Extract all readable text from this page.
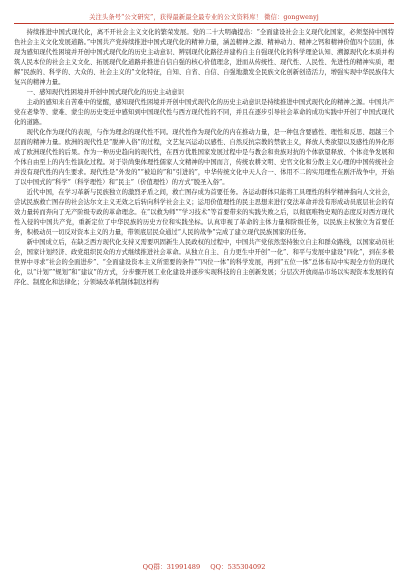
关注头条号“公文研究”，获得最新最全最专业的公文资料库！ 微信：gongwenyj

持续推进中国式现代化，离不开社会主义文化的繁荣发展。党的二十大明确提出：“全面建设社会主义现代化国家，必须坚持中国特色社会主义文化发展道路。”中国共产党持续推进中国式现代化的精神力量，涵盖精神之源、精神动力、精神之钙和精神价值四个层面，体现为感知现代性困境并开创中国式现代化的历史主动意识、辨别现代化路径并建构自主自强现代化的科学理论认知、溯源现代化本质并构筑人民本位的社会主义文化、拓展现代化道路并推进自信自强的核心价值理念，进而从传统性、现代性、人民性、先进性的精神实质，理解“民族的、科学的、大众的、社会主义的”文化特征，自知、自省、自信、自强地激发全民族文化创新创造活力，增强实现中华民族伟大复兴的精神力量。

一、感知现代性困境并开创中国式现代化的历史主动意识

主动的感知来自苦难中的觉醒，感知现代性困境并开创中国式现代化的历史主动意识是持续推进中国式现代化的精神之源。中国共产党在老挚等、蒙难、蒙尘的历史变迁中感知到中国现代性与西方现代性的不同，并且在逐步引导社会革命的成功实践中开创了中国式现代化的道路。

现代化作为现代的表现，与作为理念的现代性不同。现代性作为现代化的内在推动力量，是一种包含要感性、理性和反思、超越三个层面的精神力量。欧洲的现代性是“脱神入俗”的过程，文艺复兴运动以感性、自然反抗宗教的禁欲主义，释放人类欲望以及感性的异化形成了欧洲现代性的后果。作为一种历史趋向的现代性，在西方优胜国家发展过程中是与教会和贵族对抗的个体欲望释放、个体竞争发展和个体自由至上的内生性演化过程。对于崇尚集体理性儒家人文精神的中国而言，传统农耕文明、史官文化和分散主义心理的中国传统社会并没有现代性的内生要求。现代性是“外发的”“被迫的”和“引进的”，中华传统文化中天人合一、体用不二的实用理性在剧汗战争中，开始了以中国式的“科学”（科学理性）和“民主”（价值理性）的方式“脱圣入俗”。

近代中国，在学习革新与民族独立的激烈矛盾之间，救亡图存成为首要任务。各运动群体只能将工具理性的科学精神指向人文社会，尝试民族救亡图存的社会达尔文主义无效之后转向科学社会主义；运用价值理性的民主思想来进行变法革命并没有形成动员底层社会的有效力量转而奔向了无产阶级专政的革命理念。在“以救为师”“学习技术”等首要带来的实践失败之后，以彻底唯物史观的态度反对西方现代性入侵的中国共产党，重新定位了中华民族的历史方位和实践坐标。认真审视了革命的主体力量和阶级任务，以民族主权独立为首要任务，积极动员一切反对资本主义的力量，带领底层民众通过“人民的战争”完成了建立现代民族国家的任务。

新中国成立后，在缺乏西方现代化支持又需要巩固新生人民政权的过程中，中国共产党依然坚持独立自主和群众路线，以国家动员社会，国家计划经济、政党组织民众的方式继续推进社会革命。从独立自主、自力更生中开创“一化”、和平与发展中建设“四化”，到在多极世界中寻求“社会的全面进步”、“全面建设资本主义所需要的条件”“四位一体”的科学发展，再到“五位一体”总体布局中实现全方位的现代化，以“计划”“规划”和“建议”的方式，分步骤开展工业化建设并逐步实现科技的自主创新发展；分层次开放商品市场以实现资本发展的有序化、制度化和法律化；分领域改革机制体制这样构

QQ群：31991489 QQ：535304092
